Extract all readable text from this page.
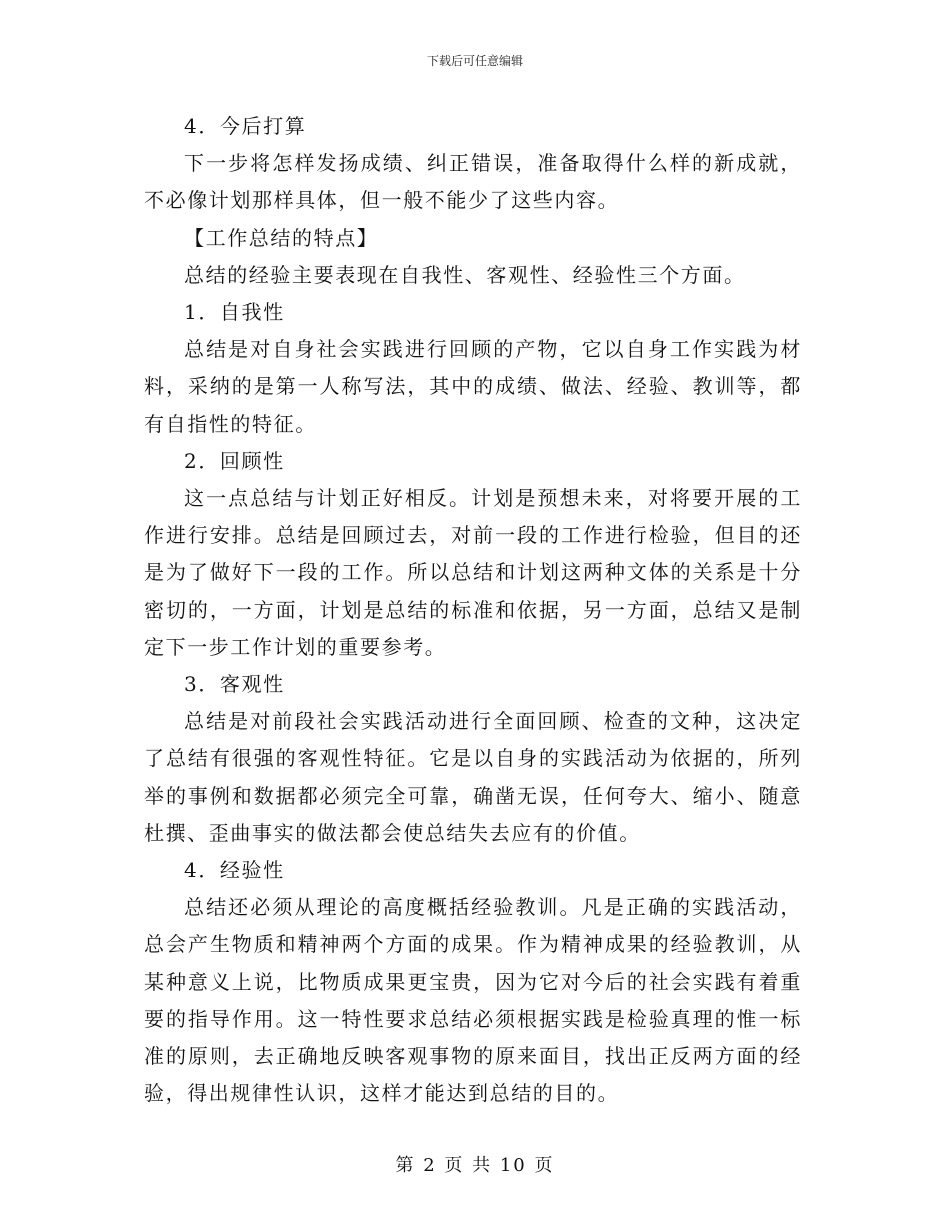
下载后可任意编辑

4．今后打算

下一步将怎样发扬成绩、纠正错误，准备取得什么样的新成就，不必像计划那样具体，但一般不能少了这些内容。

【工作总结的特点】

总结的经验主要表现在自我性、客观性、经验性三个方面。

1．自我性

总结是对自身社会实践进行回顾的产物，它以自身工作实践为材料，采纳的是第一人称写法，其中的成绩、做法、经验、教训等，都有自指性的特征。

2．回顾性

这一点总结与计划正好相反。计划是预想未来，对将要开展的工作进行安排。总结是回顾过去，对前一段的工作进行检验，但目的还是为了做好下一段的工作。所以总结和计划这两种文体的关系是十分密切的，一方面，计划是总结的标准和依据，另一方面，总结又是制定下一步工作计划的重要参考。

3．客观性

总结是对前段社会实践活动进行全面回顾、检查的文种，这决定了总结有很强的客观性特征。它是以自身的实践活动为依据的，所列举的事例和数据都必须完全可靠，确凿无误，任何夸大、缩小、随意杜撰、歪曲事实的做法都会使总结失去应有的价值。

4．经验性

总结还必须从理论的高度概括经验教训。凡是正确的实践活动，总会产生物质和精神两个方面的成果。作为精神成果的经验教训，从某种意义上说，比物质成果更宝贵，因为它对今后的社会实践有着重要的指导作用。这一特性要求总结必须根据实践是检验真理的惟一标准的原则，去正确地反映客观事物的原来面目，找出正反两方面的经验，得出规律性认识，这样才能达到总结的目的。

第 2 页 共 10 页
